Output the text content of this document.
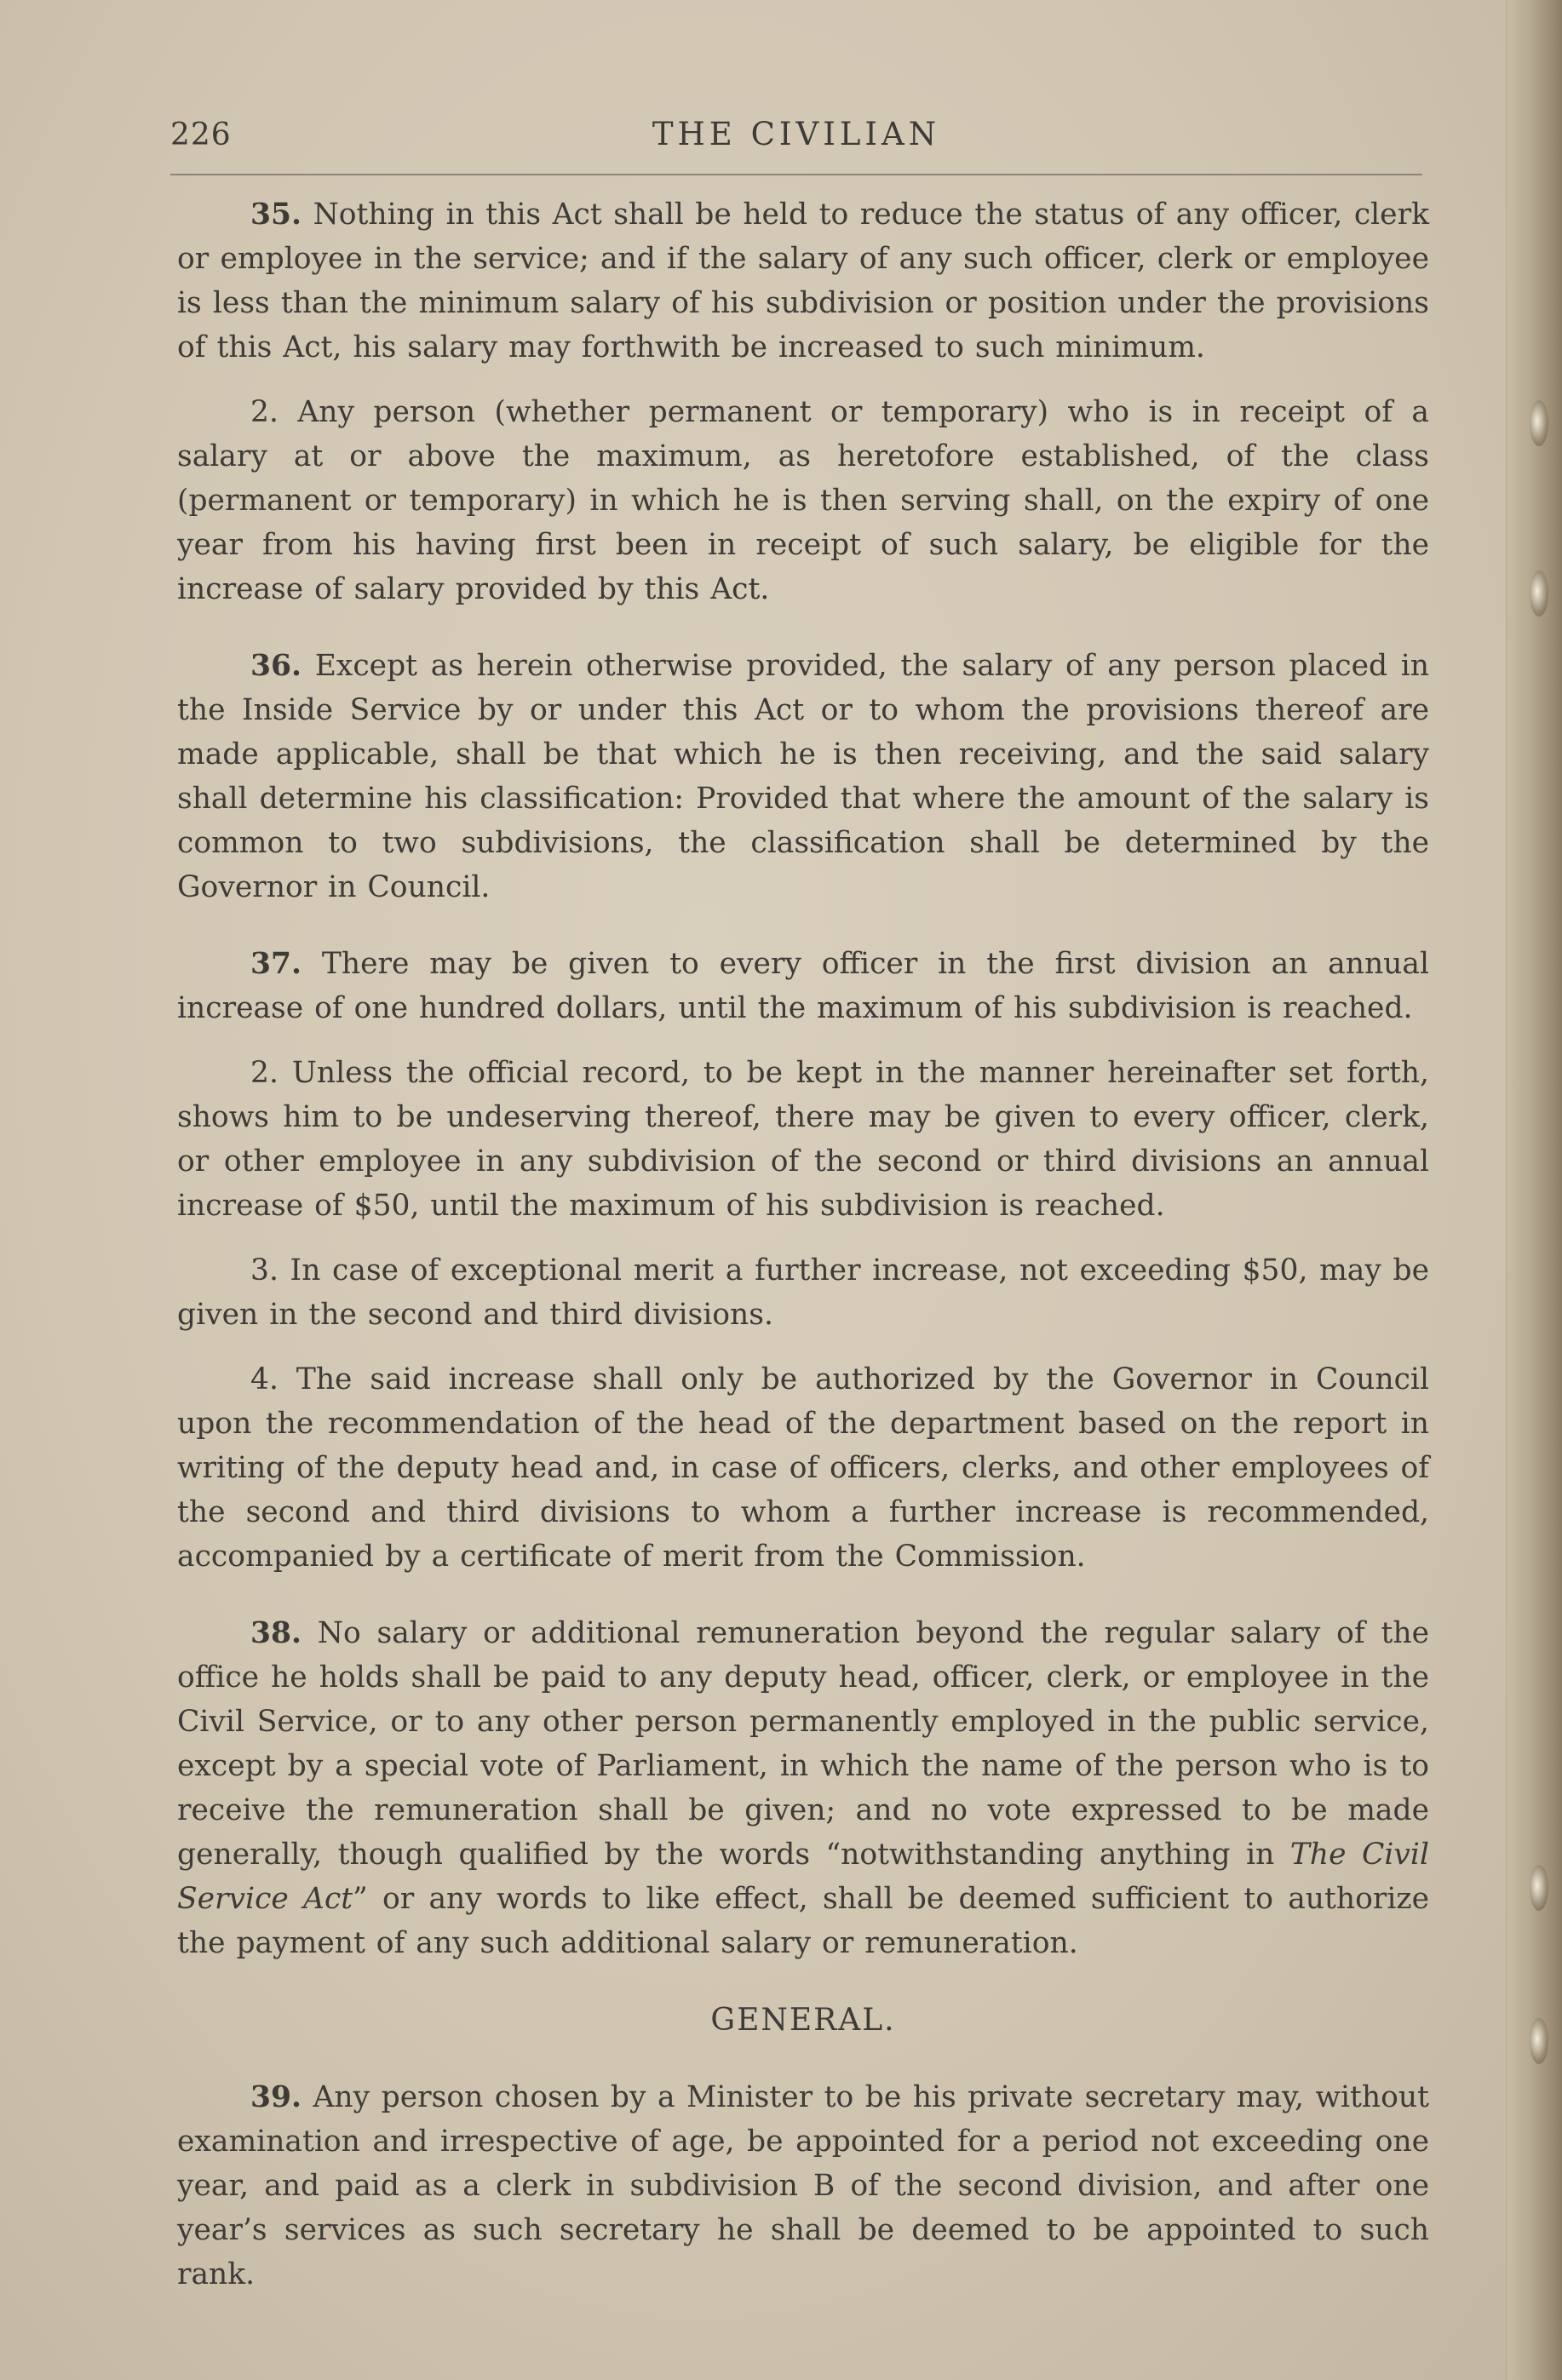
226	THE CIVILIAN

35. Nothing in this Act shall be held to reduce the status of any officer, clerk or employee in the service; and if the salary of any such officer, clerk or employee is less than the minimum salary of his subdivision or position under the provisions of this Act, his salary may forthwith be increased to such minimum.

2. Any person (whether permanent or temporary) who is in receipt of a salary at or above the maximum, as heretofore established, of the class (permanent or temporary) in which he is then serving shall, on the expiry of one year from his having first been in receipt of such salary, be eligible for the increase of salary provided by this Act.

36. Except as herein otherwise provided, the salary of any person placed in the Inside Service by or under this Act or to whom the provisions thereof are made applicable, shall be that which he is then receiving, and the said salary shall determine his classification: Provided that where the amount of the salary is common to two subdivisions, the classification shall be determined by the Governor in Council.

37. There may be given to every officer in the first division an annual increase of one hundred dollars, until the maximum of his subdivision is reached.

2. Unless the official record, to be kept in the manner hereinafter set forth, shows him to be undeserving thereof, there may be given to every officer, clerk, or other employee in any subdivision of the second or third divisions an annual increase of $50, until the maximum of his subdivision is reached.

3. In case of exceptional merit a further increase, not exceeding $50, may be given in the second and third divisions.

4. The said increase shall only be authorized by the Governor in Council upon the recommendation of the head of the department based on the report in writing of the deputy head and, in case of officers, clerks, and other employees of the second and third divisions to whom a further increase is recommended, accompanied by a certificate of merit from the Commission.

38. No salary or additional remuneration beyond the regular salary of the office he holds shall be paid to any deputy head, officer, clerk, or employee in the Civil Service, or to any other person permanently employed in the public service, except by a special vote of Parliament, in which the name of the person who is to receive the remuneration shall be given; and no vote expressed to be made generally, though qualified by the words “notwithstanding anything in The Civil Service Act” or any words to like effect, shall be deemed sufficient to authorize the payment of any such additional salary or remuneration.

GENERAL.

39. Any person chosen by a Minister to be his private secretary may, without examination and irrespective of age, be appointed for a period not exceeding one year, and paid as a clerk in subdivision B of the second division, and after one year’s services as such secretary he shall be deemed to be appointed to such rank.
